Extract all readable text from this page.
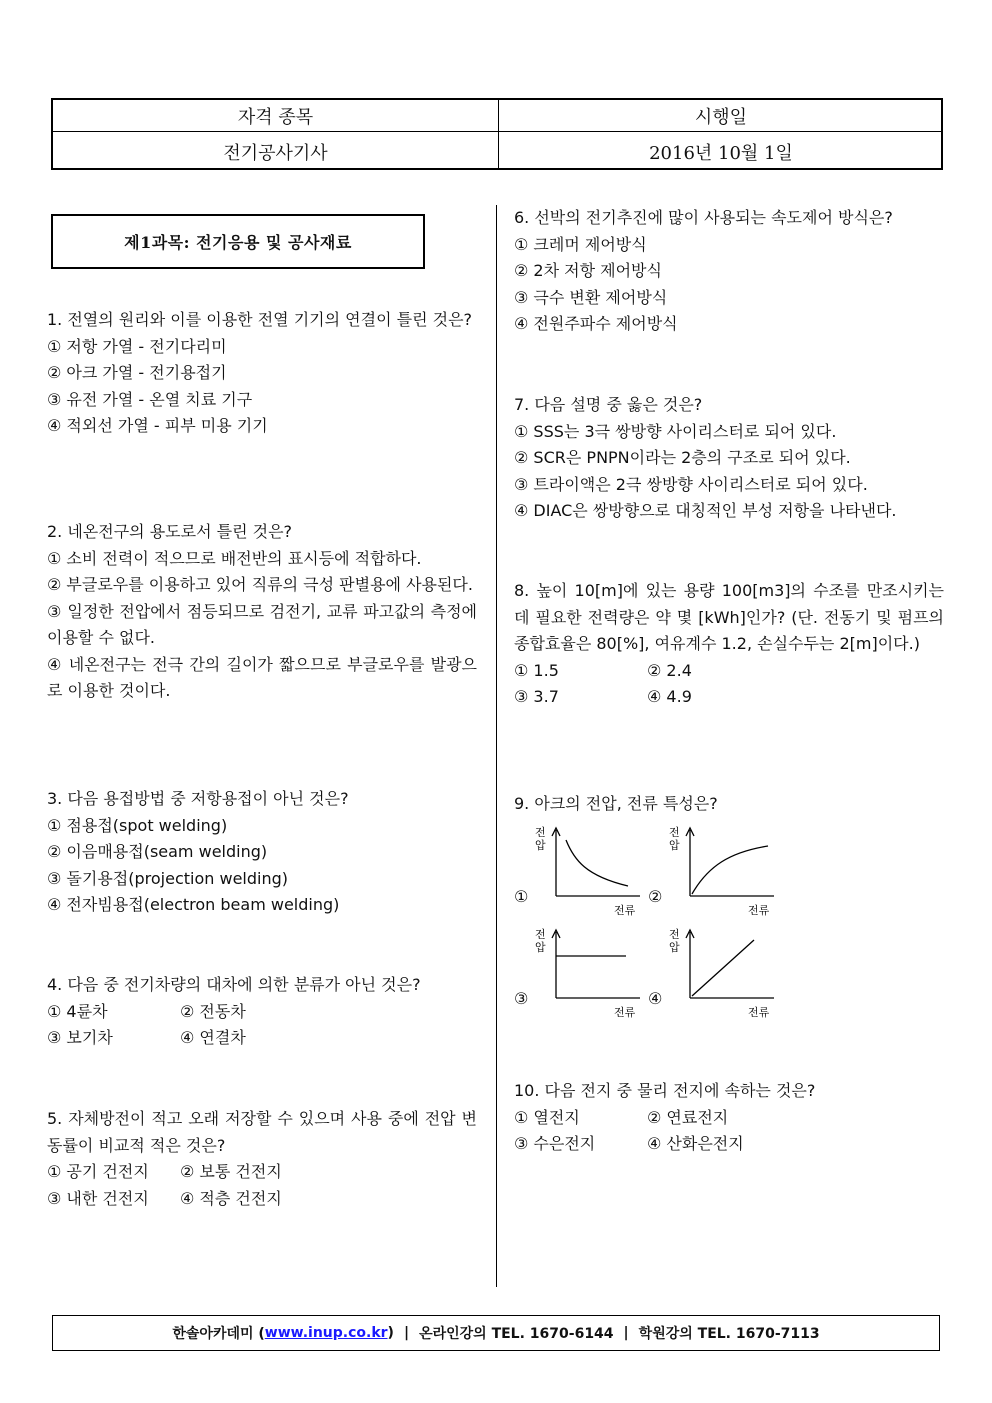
자격 종목	시행일
전기공사기사	2016년 10월 1일
제1과목: 전기응용 및 공사재료

1. 전열의 원리와 이를 이용한 전열 기기의 연결이 틀린 것은?

① 저항 가열 - 전기다리미

② 아크 가열 - 전기용접기

③ 유전 가열 - 온열 치료 기구

④ 적외선 가열 - 피부 미용 기기

2. 네온전구의 용도로서 틀린 것은?

① 소비 전력이 적으므로 배전반의 표시등에 적합하다.

② 부글로우를 이용하고 있어 직류의 극성 판별용에 사용된다.

③ 일정한 전압에서 점등되므로 검전기, 교류 파고값의 측정에 이용할 수 없다.

④ 네온전구는 전극 간의 길이가 짧으므로 부글로우를 발광으로 이용한 것이다.

3. 다음 용접방법 중 저항용접이 아닌 것은?

① 점용접(spot welding)

② 이음매용접(seam welding)

③ 돌기용접(projection welding)

④ 전자빔용접(electron beam welding)

4. 다음 중 전기차량의 대차에 의한 분류가 아닌 것은?

① 4륜차	② 전동차
③ 보기차	④ 연결차

5. 자체방전이 적고 오래 저장할 수 있으며 사용 중에 전압 변동률이 비교적 적은 것은?

① 공기 건전지	② 보통 건전지
③ 내한 건전지	④ 적층 건전지

6. 선박의 전기추진에 많이 사용되는 속도제어 방식은?

① 크레머 제어방식

② 2차 저항 제어방식

③ 극수 변환 제어방식

④ 전원주파수 제어방식

7. 다음 설명 중 옳은 것은?

① SSS는 3극 쌍방향 사이리스터로 되어 있다.

② SCR은 PNPN이라는 2층의 구조로 되어 있다.

③ 트라이액은 2극 쌍방향 사이리스터로 되어 있다.

④ DIAC은 쌍방향으로 대칭적인 부성 저항을 나타낸다.

8. 높이 10[m]에 있는 용량 100[m3]의 수조를 만조시키는 데 필요한 전력량은 약 몇 [kWh]인가? (단. 전동기 및 펌프의 종합효율은 80[%], 여유계수 1.2, 손실수두는 2[m]이다.)

① 1.5	② 2.4
③ 3.7	④ 4.9

9. 아크의 전압, 전류 특성은?

①	②
③	④
전
압
전류
전
압
전류
전
압
전류
전
압
전류

10. 다음 전지 중 물리 전지에 속하는 것은?

① 열전지	② 연료전지
③ 수은전지	④ 산화은전지
한솔아카데미 ( www.inup.co.kr ) | 온라인강의 TEL. 1670-6144 | 학원강의 TEL. 1670-7113
